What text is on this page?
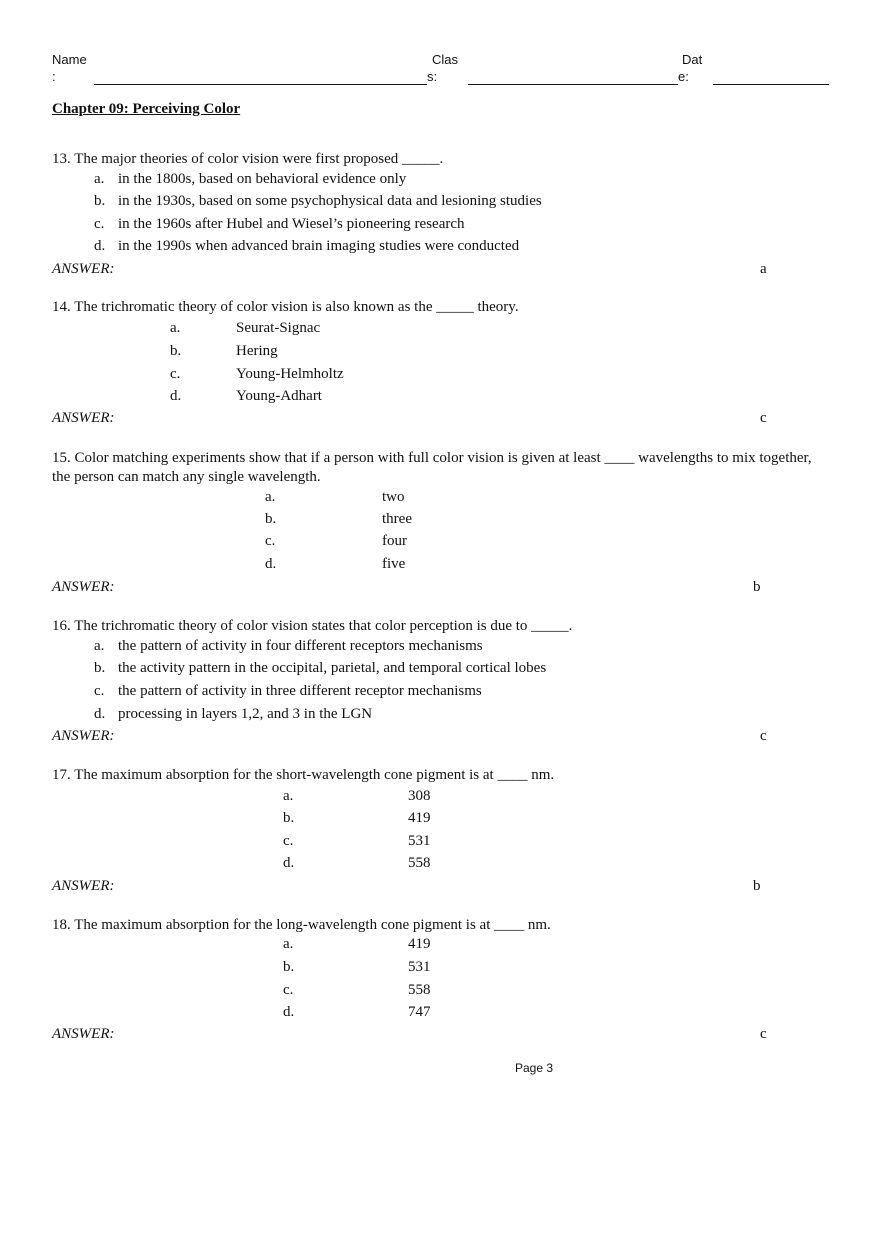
Name
:
Clas
s:
Dat
e:
Chapter 09: Perceiving Color
13. The major theories of color vision were first proposed _____.
a. in the 1800s, based on behavioral evidence only
b. in the 1930s, based on some psychophysical data and lesioning studies
c. in the 1960s after Hubel and Wiesel’s pioneering research
d. in the 1990s when advanced brain imaging studies were conducted
ANSWER:	a
14. The trichromatic theory of color vision is also known as the _____ theory.
a.	Seurat-Signac
b.	Hering
c.	Young-Helmholtz
d.	Young-Adhart
ANSWER:	c
15. Color matching experiments show that if a person with full color vision is given at least ____ wavelengths to mix together, the person can match any single wavelength.
a.	two
b.	three
c.	four
d.	five
ANSWER:	b
16. The trichromatic theory of color vision states that color perception is due to _____.
a. the pattern of activity in four different receptors mechanisms
b. the activity pattern in the occipital, parietal, and temporal cortical lobes
c. the pattern of activity in three different receptor mechanisms
d. processing in layers 1,2, and 3 in the LGN
ANSWER:	c
17. The maximum absorption for the short-wavelength cone pigment is at ____ nm.
a.	308
b.	419
c.	531
d.	558
ANSWER:	b
18. The maximum absorption for the long-wavelength cone pigment is at ____ nm.
a.	419
b.	531
c.	558
d.	747
ANSWER:	c
Page 3
